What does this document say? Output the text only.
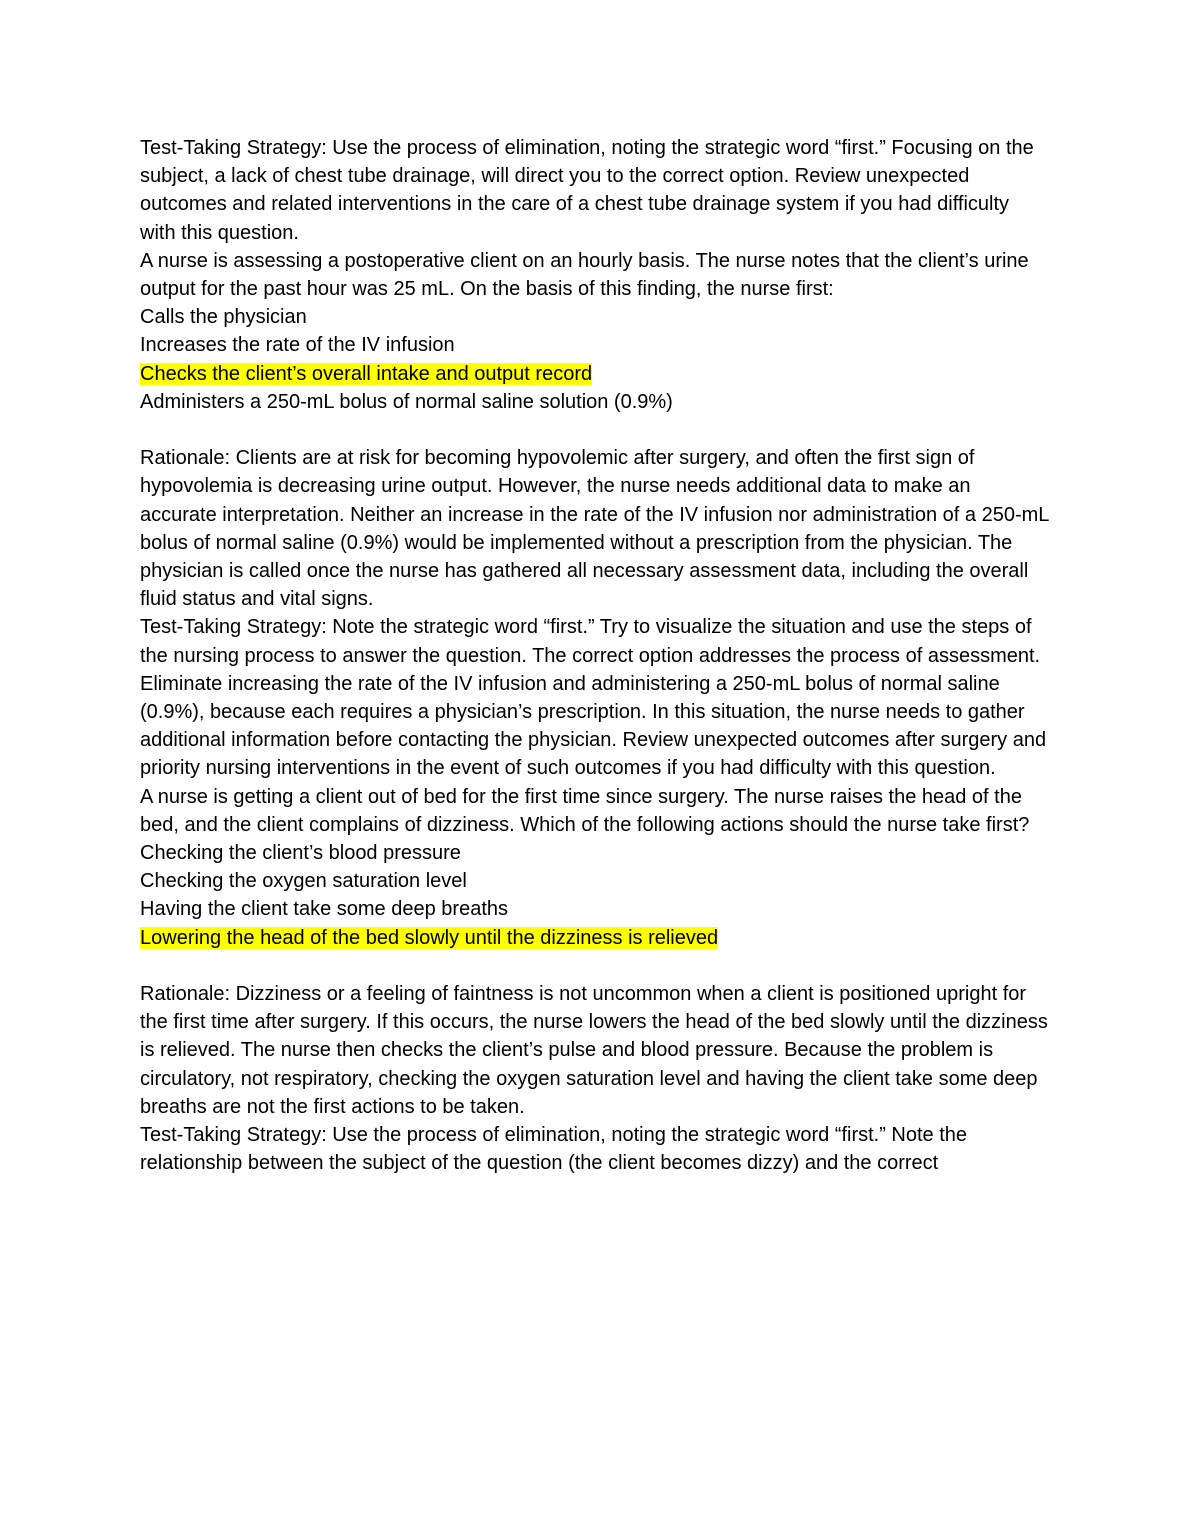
Test-Taking Strategy: Use the process of elimination, noting the strategic word “first.” Focusing on the subject, a lack of chest tube drainage, will direct you to the correct option. Review unexpected outcomes and related interventions in the care of a chest tube drainage system if you had difficulty with this question.

A nurse is assessing a postoperative client on an hourly basis. The nurse notes that the client’s urine output for the past hour was 25 mL. On the basis of this finding, the nurse first:

Calls the physician
Increases the rate of the IV infusion
Checks the client’s overall intake and output record
Administers a 250-mL bolus of normal saline solution (0.9%)

Rationale: Clients are at risk for becoming hypovolemic after surgery, and often the first sign of hypovolemia is decreasing urine output. However, the nurse needs additional data to make an accurate interpretation. Neither an increase in the rate of the IV infusion nor administration of a 250-mL bolus of normal saline (0.9%) would be implemented without a prescription from the physician. The physician is called once the nurse has gathered all necessary assessment data, including the overall fluid status and vital signs.

Test-Taking Strategy: Note the strategic word “first.” Try to visualize the situation and use the steps of the nursing process to answer the question. The correct option addresses the process of assessment. Eliminate increasing the rate of the IV infusion and administering a 250-mL bolus of normal saline (0.9%), because each requires a physician’s prescription. In this situation, the nurse needs to gather additional information before contacting the physician. Review unexpected outcomes after surgery and priority nursing interventions in the event of such outcomes if you had difficulty with this question.

A nurse is getting a client out of bed for the first time since surgery. The nurse raises the head of the bed, and the client complains of dizziness. Which of the following actions should the nurse take first?

Checking the client’s blood pressure
Checking the oxygen saturation level
Having the client take some deep breaths
Lowering the head of the bed slowly until the dizziness is relieved

Rationale: Dizziness or a feeling of faintness is not uncommon when a client is positioned upright for the first time after surgery. If this occurs, the nurse lowers the head of the bed slowly until the dizziness is relieved. The nurse then checks the client’s pulse and blood pressure. Because the problem is circulatory, not respiratory, checking the oxygen saturation level and having the client take some deep breaths are not the first actions to be taken.

Test-Taking Strategy: Use the process of elimination, noting the strategic word “first.” Note the relationship between the subject of the question (the client becomes dizzy) and the correct
